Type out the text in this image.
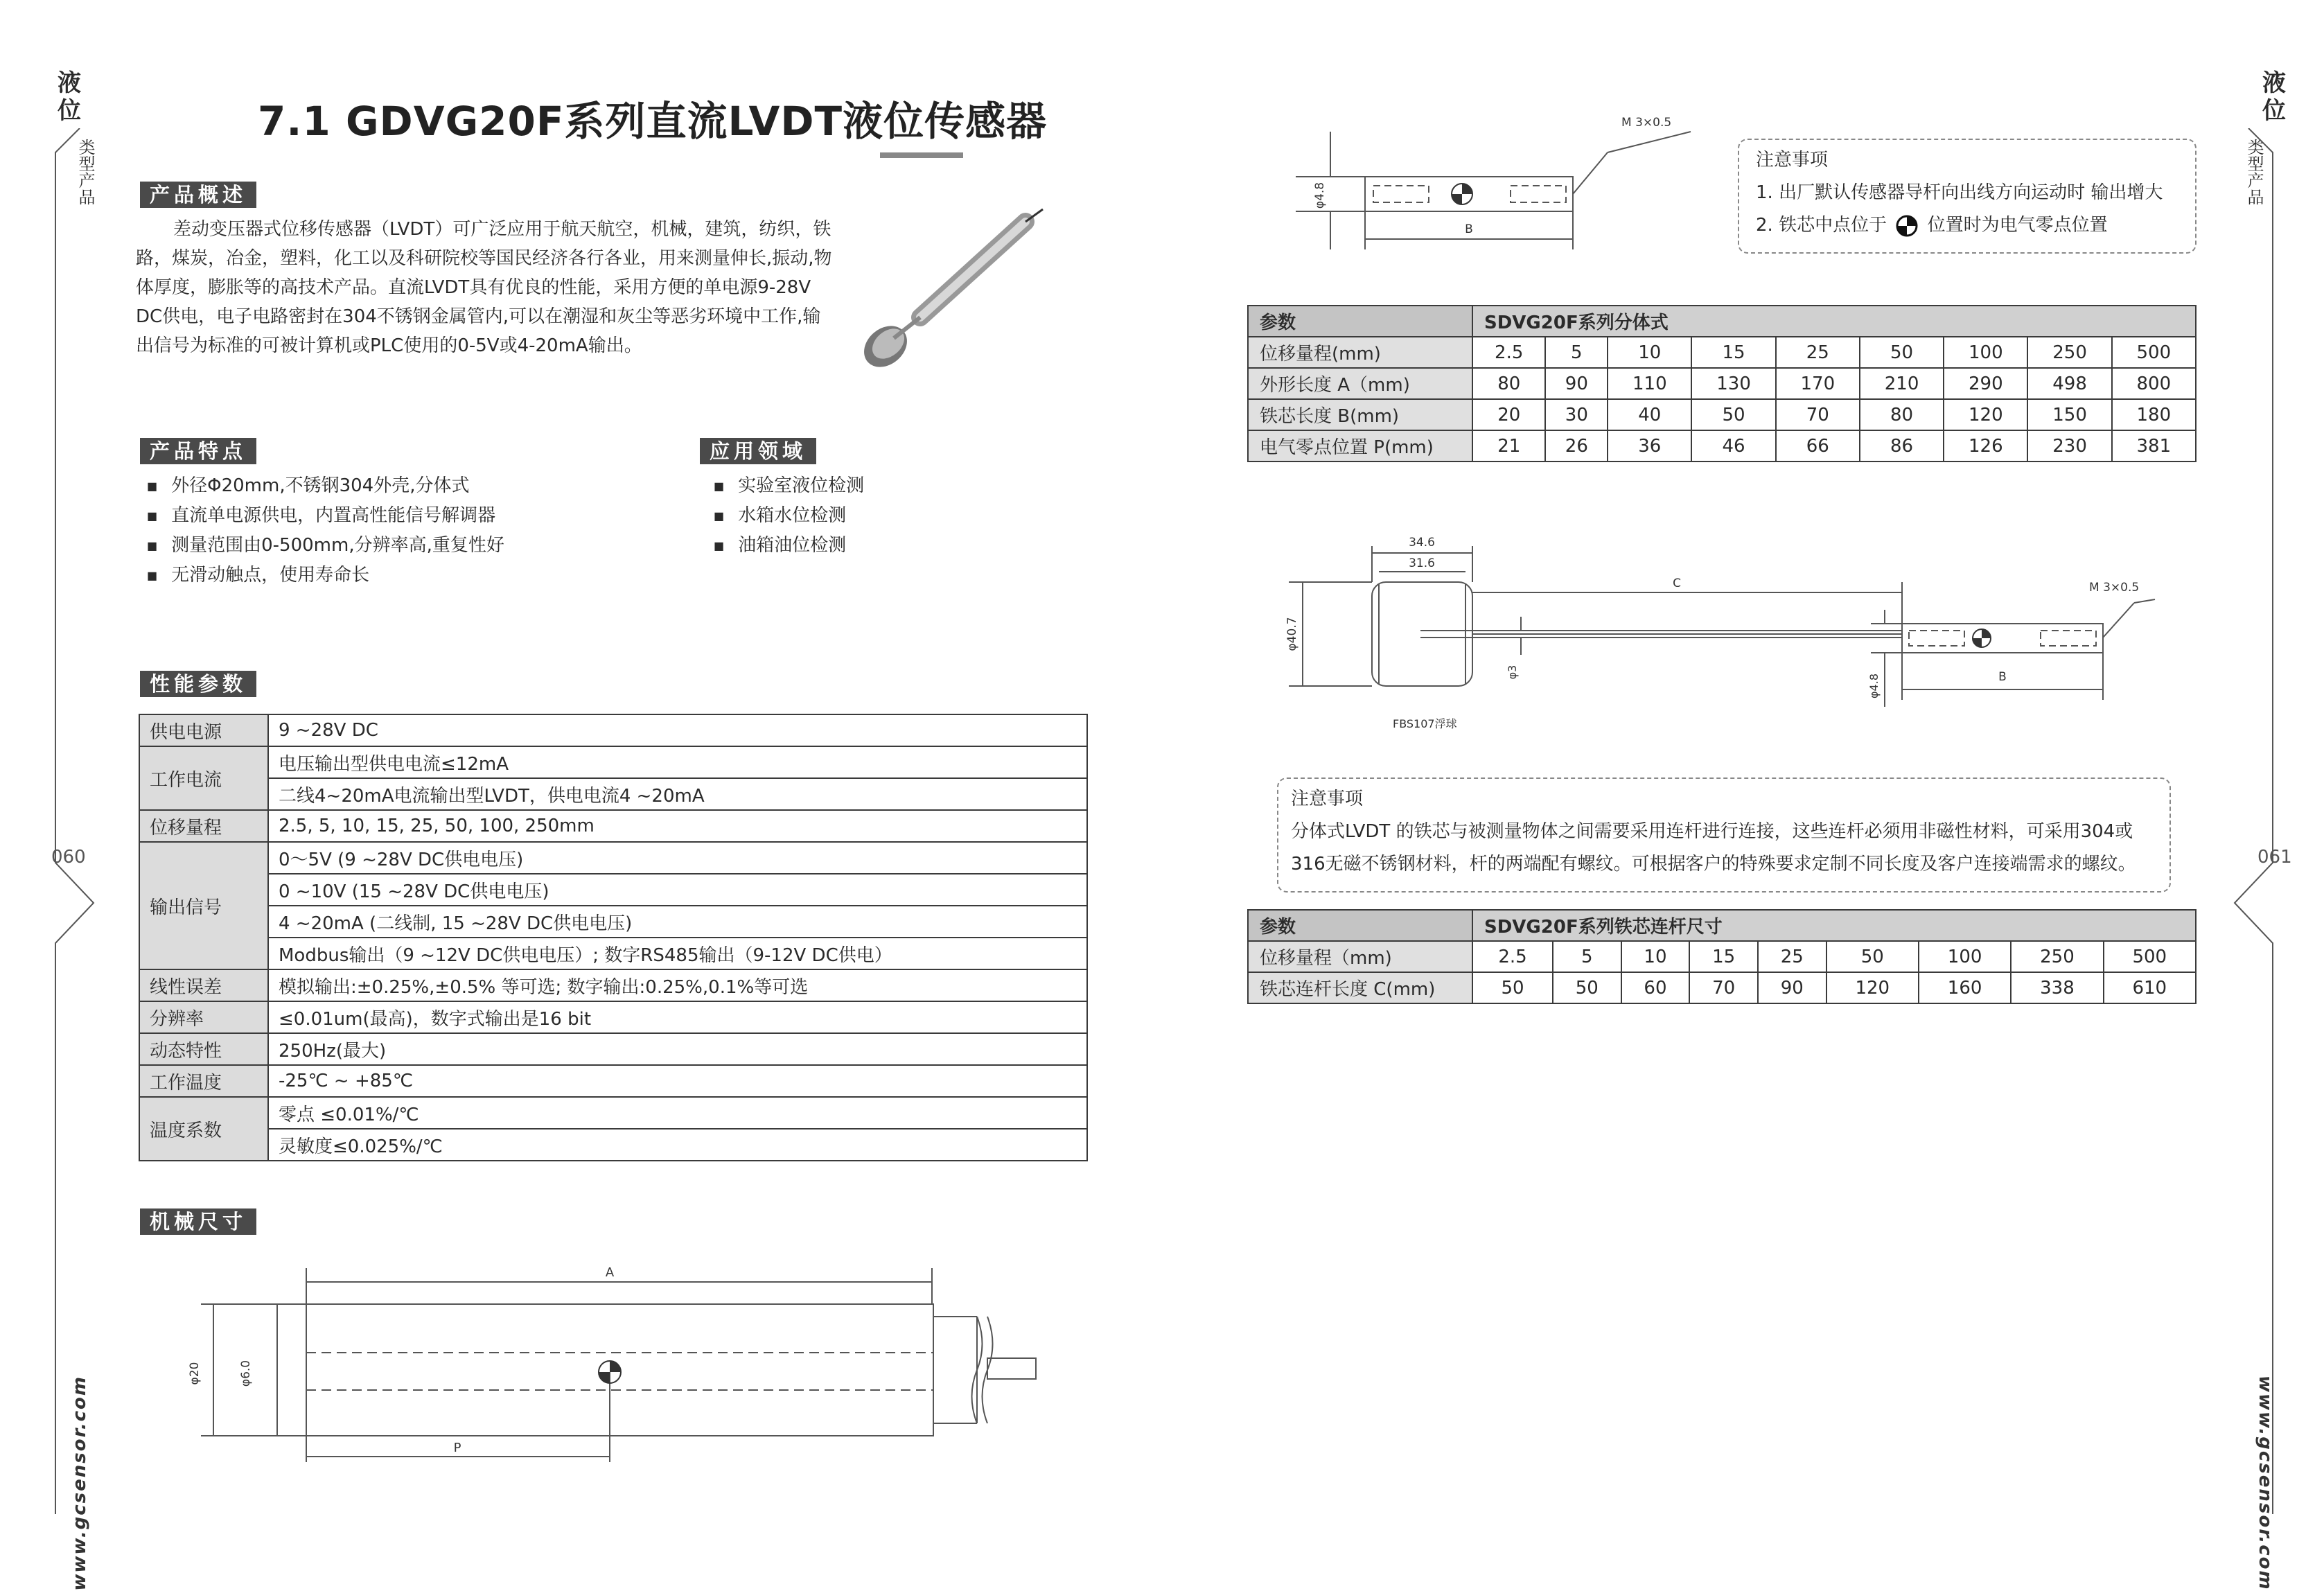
液位
类型产品
060
www.gcsensor.com
液位
类型产品
061
www.gcsensor.com
7.1 GDVG20F系列直流LVDT液位传感器
产品概述
差动变压器式位移传感器（LVDT）可广泛应用于航天航空，机械，建筑，纺织，铁路，煤炭，冶金，塑料，化工以及科研院校等国民经济各行各业，用来测量伸长,振动,物体厚度，膨胀等的高技术产品。直流LVDT具有优良的性能，采用方便的单电源9-28V DC供电，电子电路密封在304不锈钢金属管内,可以在潮湿和灰尘等恶劣环境中工作,输出信号为标准的可被计算机或PLC使用的0-5V或4-20mA输出。
产品特点
■ 外径Φ20mm,不锈钢304外壳,分体式
■ 直流单电源供电，内置高性能信号解调器
■ 测量范围由0-500mm,分辨率高,重复性好
■ 无滑动触点，使用寿命长
应用领域
■ 实验室液位检测
■ 水箱水位检测
■ 油箱油位检测
性能参数
供电电源	9 ~28V DC
工作电流	电压输出型供电电流≤12mA
	二线4~20mA电流输出型LVDT，供电电流4 ~20mA
位移量程	2.5, 5, 10, 15, 25, 50, 100, 250mm
输出信号	0～5V (9 ~28V DC供电电压)
	0 ~10V (15 ~28V DC供电电压)
	4 ~20mA (二线制, 15 ~28V DC供电电压)
	Modbus输出（9 ~12V DC供电电压）; 数字RS485输出（9-12V DC供电）
线性误差	模拟输出:±0.25%,±0.5% 等可选; 数字输出:0.25%,0.1%等可选
分辨率	≤0.01um(最高)，数字式输出是16 bit
动态特性	250Hz(最大)
工作温度	-25℃ ~ +85℃
温度系数	零点 ≤0.01%/℃
	灵敏度≤0.025%/℃
机械尺寸
A
P
φ20	φ6.0
M 3×0.5
φ4.8
B
注意事项
1. 出厂默认传感器导杆向出线方向运动时 输出增大
2. 铁芯中点位于 位置时为电气零点位置
参数	SDVG20F系列分体式								
位移量程(mm)	2.5	5	10	15	25	50	100	250	500
外形长度 A（mm)	80	90	110	130	170	210	290	498	800
铁芯长度 B(mm)	20	30	40	50	70	80	120	150	180
电气零点位置 P(mm)	21	26	36	46	66	86	126	230	381
34.6
31.6
C
φ40.7
φ3
φ4.8	B
M 3×0.5
FBS107浮球
注意事项
分体式LVDT 的铁芯与被测量物体之间需要采用连杆进行连接，这些连杆必须用非磁性材料，可采用304或
316无磁不锈钢材料，杆的两端配有螺纹。可根据客户的特殊要求定制不同长度及客户连接端需求的螺纹。
参数	SDVG20F系列铁芯连杆尺寸								
位移量程（mm)	2.5	5	10	15	25	50	100	250	500
铁芯连杆长度 C(mm)	50	50	60	70	90	120	160	338	610
